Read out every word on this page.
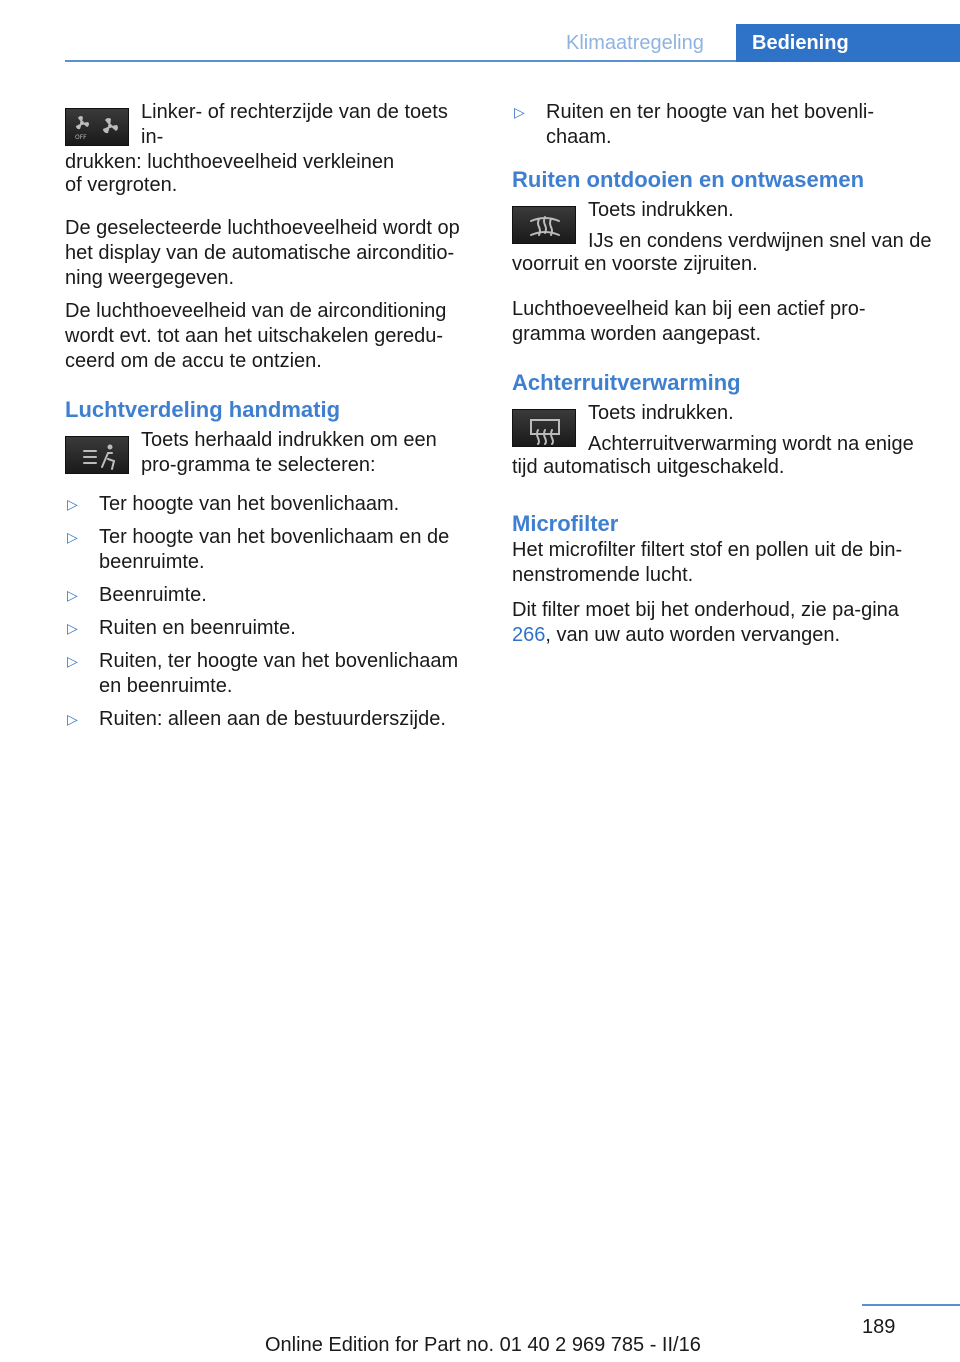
Klimaatregeling	Bediening
OFF

Linker- of rechterzijde van de toets in-

drukken: luchthoeveelheid verkleinen

of vergroten.

De geselecteerde luchthoeveelheid wordt op het display van de automatische airconditio-ning weergegeven.

De luchthoeveelheid van de airconditioning wordt evt. tot aan het uitschakelen geredu-ceerd om de accu te ontzien.

Luchtverdeling handmatig

Toets herhaald indrukken om een pro-gramma te selecteren:

▷ Ter hoogte van het bovenlichaam.
▷ Ter hoogte van het bovenlichaam en de beenruimte.
▷ Beenruimte.
▷ Ruiten en beenruimte.
▷ Ruiten, ter hoogte van het bovenlichaam en beenruimte.
▷ Ruiten: alleen aan de bestuurderszijde.
▷ Ruiten en ter hoogte van het bovenli-chaam.
Ruiten ontdooien en ontwasemen

Toets indrukken.

IJs en condens verdwijnen snel van de

voorruit en voorste zijruiten.

Luchthoeveelheid kan bij een actief pro-gramma worden aangepast.

Achterruitverwarming

Toets indrukken.

Achterruitverwarming wordt na enige

tijd automatisch uitgeschakeld.

Microfilter

Het microfilter filtert stof en pollen uit de bin-nenstromende lucht.

Dit filter moet bij het onderhoud, zie pa-gina 266, van uw auto worden vervangen.

189
Online Edition for Part no. 01 40 2 969 785 - II/16
